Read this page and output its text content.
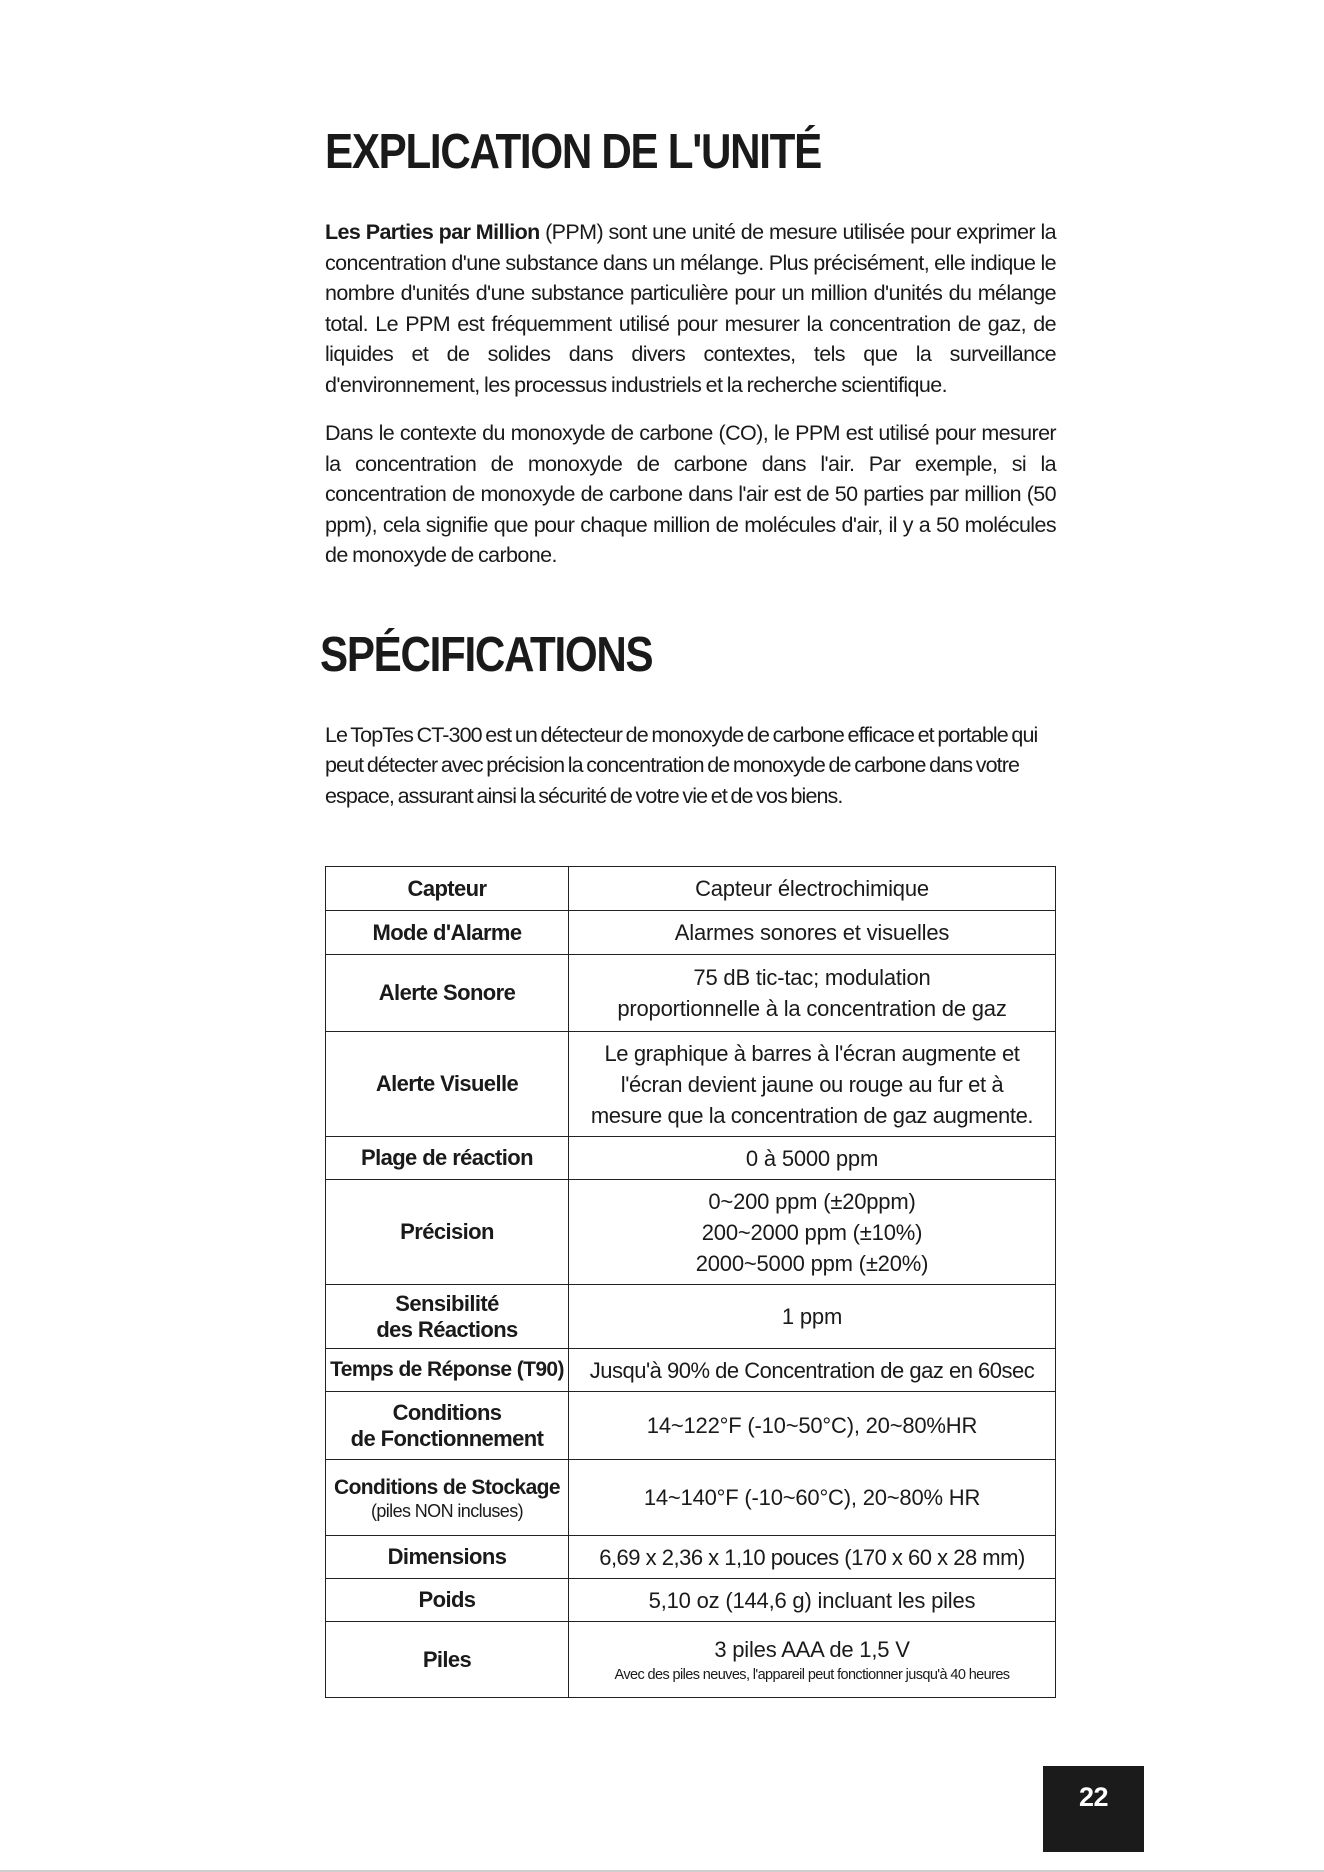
EXPLICATION DE L'UNITÉ

Les Parties par Million (PPM) sont une unité de mesure utilisée pour exprimer la concentration d'une substance dans un mélange. Plus précisément, elle indique le nombre d'unités d'une substance particulière pour un million d'unités du mélange total. Le PPM est fréquemment utilisé pour mesurer la concentration de gaz, de liquides et de solides dans divers contextes, tels que la surveillance d'environnement, les processus industriels et la recherche scientifique.

Dans le contexte du monoxyde de carbone (CO), le PPM est utilisé pour mesurer la concentration de monoxyde de carbone dans l'air. Par exemple, si la concentration de monoxyde de carbone dans l'air est de 50 parties par million (50 ppm), cela signifie que pour chaque million de molécules d'air, il y a 50 molécules de monoxyde de carbone.

SPÉCIFICATIONS

Le TopTes CT-300 est un détecteur de monoxyde de carbone efficace et portable qui peut détecter avec précision la concentration de monoxyde de carbone dans votre espace, assurant ainsi la sécurité de votre vie et de vos biens.

Capteur	Capteur électrochimique
Mode d'Alarme	Alarmes sonores et visuelles
Alerte Sonore	75 dB tic-tac; modulation
proportionnelle à la concentration de gaz

Alerte Visuelle	Le graphique à barres à l'écran augmente et
l'écran devient jaune ou rouge au fur et à
mesure que la concentration de gaz augmente.

Plage de réaction	0 à 5000 ppm
Précision	0~200 ppm (±20ppm)
200~2000 ppm (±10%)
2000~5000 ppm (±20%)

Sensibilité
des Réactions	1 ppm
Temps de Réponse (T90)	Jusqu'à 90% de Concentration de gaz en 60sec

Conditions
de Fonctionnement	14~122°F (-10~50°C), 20~80%HR

Conditions de Stockage
(piles NON incluses)	14~140°F (-10~60°C), 20~80% HR
Dimensions	6,69 x 2,36 x 1,10 pouces (170 x 60 x 28 mm)
Poids	5,10 oz (144,6 g) incluant les piles
Piles	3 piles AAA de 1,5 V
Avec des piles neuves, l'appareil peut fonctionner jusqu'à 40 heures
22
